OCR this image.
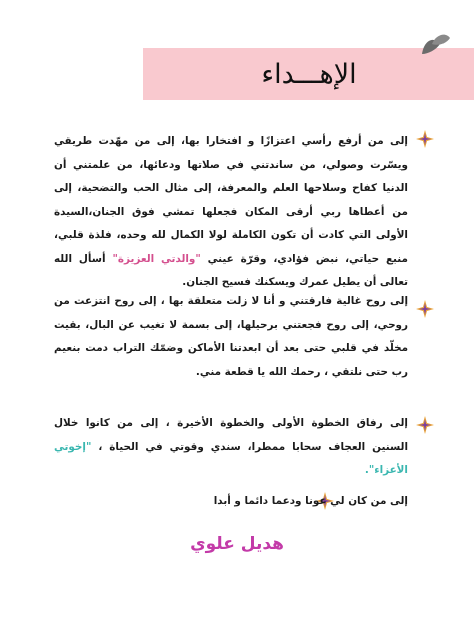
الإهـــداء
إلى من أرفع رأسي اعتزازًا و افتخارا بها، إلى من مهّدت طريقي ويسّرت وصولي، من ساندتني في صلاتها ودعائها، من علمتني أن الدنيا كفاح وسلاحها العلم والمعرفة، إلى مثال الحب والتضحية، إلى من أعطاها ربي أرقى المكان فجعلها تمشي فوق الجنان،السيدة الأولى التي كادت أن تكون الكاملة لولا الكمال لله وحده، فلذة قلبي، منبع حياتي، نبض فؤادي، وقرّة عيني "والدتي العزيزة" أسأل الله تعالى أن يطيل عمرك ويسكنك فسيح الجنان.
إلى روح غالية فارقتني و أنا لا زلت متعلقة بها ، إلى روح انتزعت من روحي، إلى روح فجعتني برحيلها، إلى بسمة لا تغيب عن البال، بقيت مخلّد في قلبي حتى بعد أن ابعدتنا الأماكن وضمّك التراب دمت بنعيم رب حتى نلتقي ، رحمك الله يا قطعة مني.
إلى رفاق الخطوة الأولى والخطوة الأخيرة ، إلى من كانوا خلال السنين العجاف سحابا ممطرا، سندي وقوتي في الحياة ، "إخوتي الأعزاء".
إلى من كان لي عونا ودعما دائما و أبدا
هديل علوي
